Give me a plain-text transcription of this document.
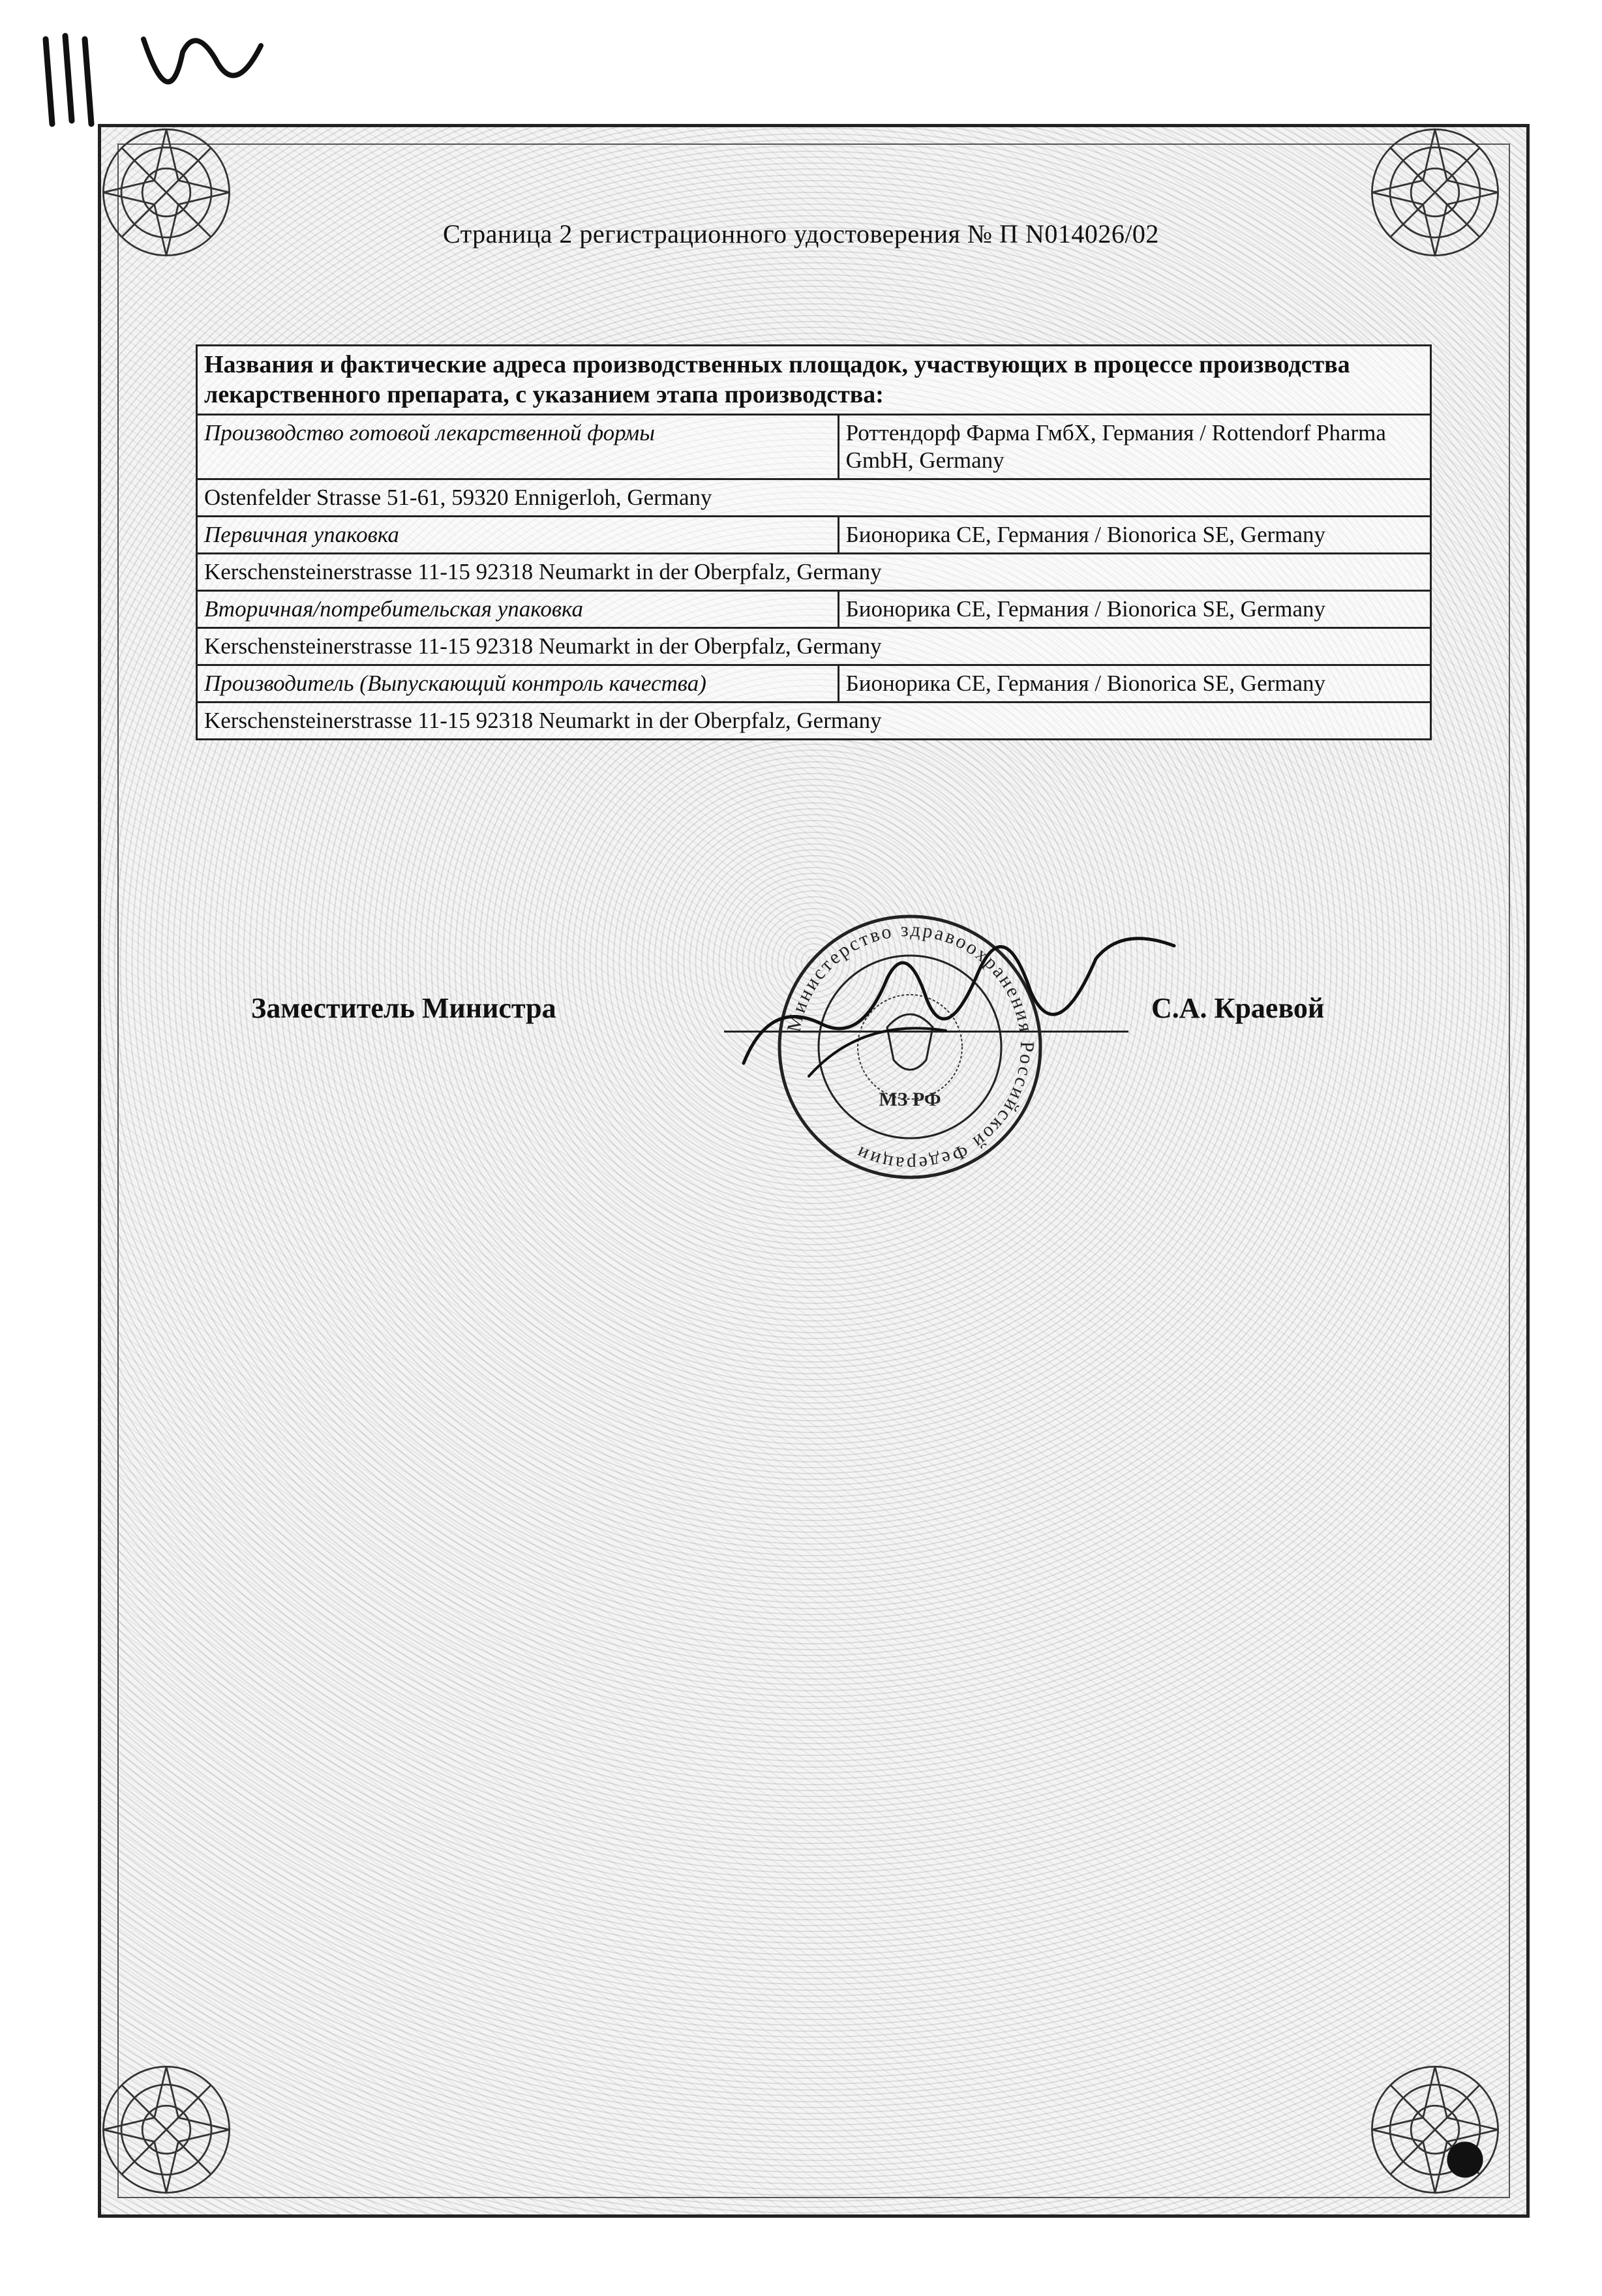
Страница 2 регистрационного удостоверения № П N014026/02
Названия и фактические адреса производственных площадок, участвующих в процессе производства лекарственного препарата, с указанием этапа производства:	
Производство готовой лекарственной формы	Роттендорф Фарма ГмбХ, Германия / Rottendorf Pharma GmbH, Germany
Ostenfelder Strasse 51-61, 59320 Ennigerloh, Germany	
Первичная упаковка	Бионорика СЕ, Германия / Bionorica SE, Germany
Kerschensteinerstrasse 11-15 92318 Neumarkt in der Oberpfalz, Germany	
Вторичная/потребительская упаковка	Бионорика СЕ, Германия / Bionorica SE, Germany
Kerschensteinerstrasse 11-15 92318 Neumarkt in der Oberpfalz, Germany	
Производитель (Выпускающий контроль качества)	Бионорика СЕ, Германия / Bionorica SE, Germany
Kerschensteinerstrasse 11-15 92318 Neumarkt in der Oberpfalz, Germany	
Заместитель Министра	С.А. Краевой
Министерство здравоохранения Российской Федерации
МЗ РФ
